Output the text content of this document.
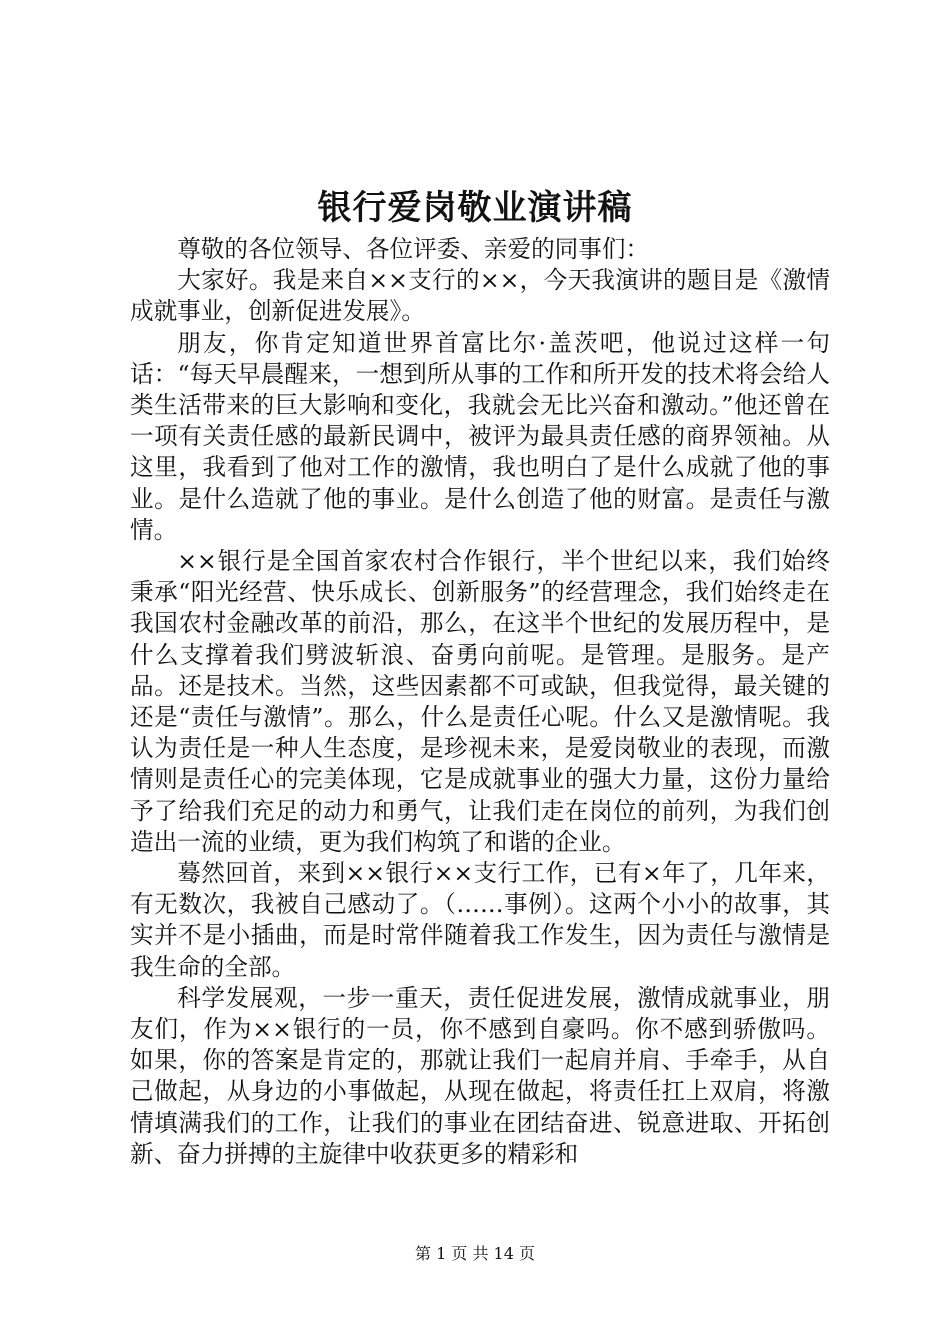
银行爱岗敬业演讲稿

尊敬的各位领导、各位评委、亲爱的同事们：

大家好。我是来自××支行的××，今天我演讲的题目是《激情成就事业，创新促进发展》。

朋友，你肯定知道世界首富比尔·盖茨吧，他说过这样一句话：“每天早晨醒来，一想到所从事的工作和所开发的技术将会给人类生活带来的巨大影响和变化，我就会无比兴奋和激动。”他还曾在一项有关责任感的最新民调中，被评为最具责任感的商界领袖。从这里，我看到了他对工作的激情，我也明白了是什么成就了他的事业。是什么造就了他的事业。是什么创造了他的财富。是责任与激情。

××银行是全国首家农村合作银行，半个世纪以来，我们始终秉承“阳光经营、快乐成长、创新服务”的经营理念，我们始终走在我国农村金融改革的前沿，那么，在这半个世纪的发展历程中，是什么支撑着我们劈波斩浪、奋勇向前呢。是管理。是服务。是产品。还是技术。当然，这些因素都不可或缺，但我觉得，最关键的还是“责任与激情”。那么，什么是责任心呢。什么又是激情呢。我认为责任是一种人生态度，是珍视未来，是爱岗敬业的表现，而激情则是责任心的完美体现，它是成就事业的强大力量，这份力量给予了给我们充足的动力和勇气，让我们走在岗位的前列，为我们创造出一流的业绩，更为我们构筑了和谐的企业。

蓦然回首，来到××银行××支行工作，已有×年了，几年来，有无数次，我被自己感动了。（……事例）。这两个小小的故事，其实并不是小插曲，而是时常伴随着我工作发生，因为责任与激情是我生命的全部。

科学发展观，一步一重天，责任促进发展，激情成就事业，朋友们，作为××银行的一员，你不感到自豪吗。你不感到骄傲吗。如果，你的答案是肯定的，那就让我们一起肩并肩、手牵手，从自己做起，从身边的小事做起，从现在做起，将责任扛上双肩，将激情填满我们的工作，让我们的事业在团结奋进、锐意进取、开拓创新、奋力拼搏的主旋律中收获更多的精彩和

第 1 页 共 14 页
